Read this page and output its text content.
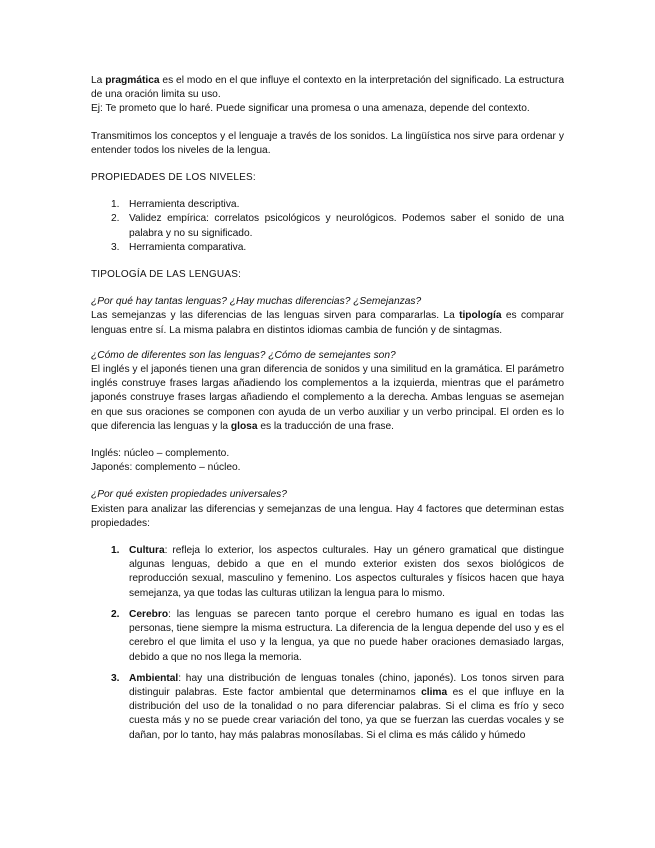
La pragmática es el modo en el que influye el contexto en la interpretación del significado. La estructura de una oración limita su uso.

Ej: Te prometo que lo haré. Puede significar una promesa o una amenaza, depende del contexto.

Transmitimos los conceptos y el lenguaje a través de los sonidos. La lingüística nos sirve para ordenar y entender todos los niveles de la lengua.

PROPIEDADES DE LOS NIVELES:

1. Herramienta descriptiva.
2. Validez empírica: correlatos psicológicos y neurológicos. Podemos saber el sonido de una palabra y no su significado.
3. Herramienta comparativa.

TIPOLOGÍA DE LAS LENGUAS:

¿Por qué hay tantas lenguas? ¿Hay muchas diferencias? ¿Semejanzas?

Las semejanzas y las diferencias de las lenguas sirven para compararlas. La tipología es comparar lenguas entre sí. La misma palabra en distintos idiomas cambia de función y de sintagmas.

¿Cómo de diferentes son las lenguas? ¿Cómo de semejantes son?

El inglés y el japonés tienen una gran diferencia de sonidos y una similitud en la gramática. El parámetro inglés construye frases largas añadiendo los complementos a la izquierda, mientras que el parámetro japonés construye frases largas añadiendo el complemento a la derecha. Ambas lenguas se asemejan en que sus oraciones se componen con ayuda de un verbo auxiliar y un verbo principal. El orden es lo que diferencia las lenguas y la glosa es la traducción de una frase.

Inglés: núcleo – complemento.

Japonés: complemento – núcleo.

¿Por qué existen propiedades universales?

Existen para analizar las diferencias y semejanzas de una lengua. Hay 4 factores que determinan estas propiedades:

1. Cultura: refleja lo exterior, los aspectos culturales. Hay un género gramatical que distingue algunas lenguas, debido a que en el mundo exterior existen dos sexos biológicos de reproducción sexual, masculino y femenino. Los aspectos culturales y físicos hacen que haya semejanza, ya que todas las culturas utilizan la lengua para lo mismo.
2. Cerebro: las lenguas se parecen tanto porque el cerebro humano es igual en todas las personas, tiene siempre la misma estructura. La diferencia de la lengua depende del uso y es el cerebro el que limita el uso y la lengua, ya que no puede haber oraciones demasiado largas, debido a que no nos llega la memoria.
3. Ambiental: hay una distribución de lenguas tonales (chino, japonés). Los tonos sirven para distinguir palabras. Este factor ambiental que determinamos clima es el que influye en la distribución del uso de la tonalidad o no para diferenciar palabras. Si el clima es frío y seco cuesta más y no se puede crear variación del tono, ya que se fuerzan las cuerdas vocales y se dañan, por lo tanto, hay más palabras monosílabas. Si el clima es más cálido y húmedo
